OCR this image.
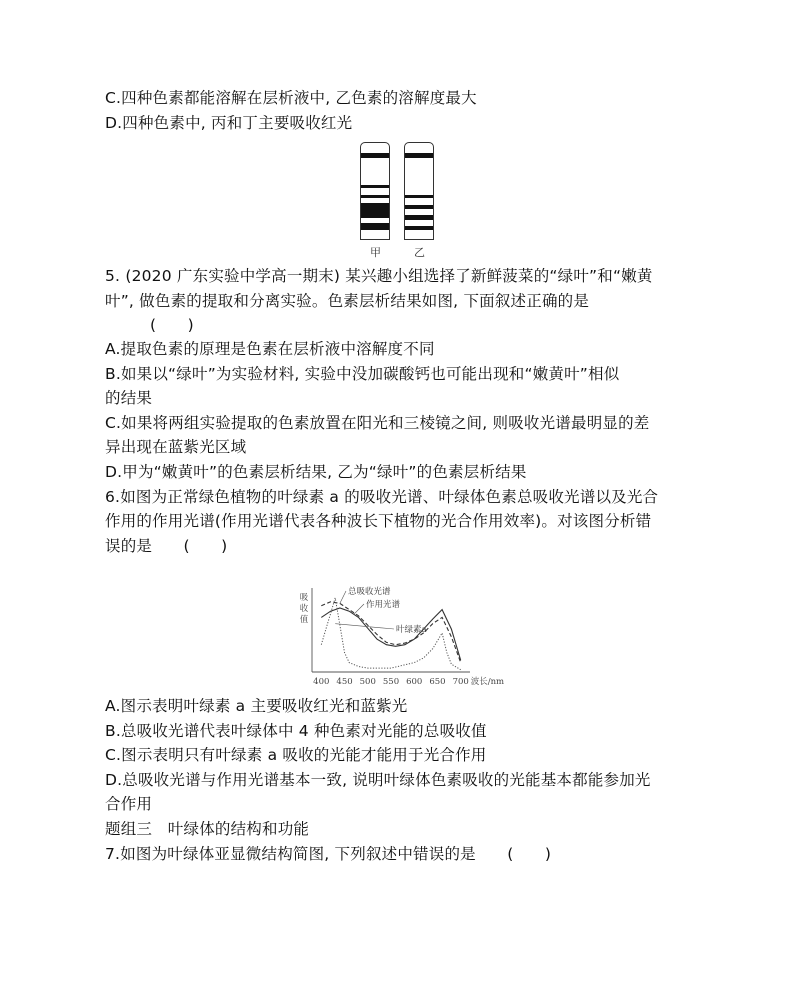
C.四种色素都能溶解在层析液中, 乙色素的溶解度最大
D.四种色素中, 丙和丁主要吸收红光
甲	乙
5. (2020 广东实验中学高一期末) 某兴趣小组选择了新鲜菠菜的“绿叶”和“嫩黄
叶”, 做色素的提取和分离实验。色素层析结果如图, 下面叙述正确的是
(　　)
A.提取色素的原理是色素在层析液中溶解度不同
B.如果以“绿叶”为实验材料, 实验中没加碳酸钙也可能出现和“嫩黄叶”相似
的结果
C.如果将两组实验提取的色素放置在阳光和三棱镜之间, 则吸收光谱最明显的差
异出现在蓝紫光区域
D.甲为“嫩黄叶”的色素层析结果, 乙为“绿叶”的色素层析结果
6.如图为正常绿色植物的叶绿素 a 的吸收光谱、叶绿体色素总吸收光谱以及光合
作用的作用光谱(作用光谱代表各种波长下植物的光合作用效率)。对该图分析错
误的是　　(　　)
吸
收
值
400 450 500 550 600 650 700 波长/nm
总吸收光谱
作用光谱
叶绿素a
A.图示表明叶绿素 a 主要吸收红光和蓝紫光
B.总吸收光谱代表叶绿体中 4 种色素对光能的总吸收值
C.图示表明只有叶绿素 a 吸收的光能才能用于光合作用
D.总吸收光谱与作用光谱基本一致, 说明叶绿体色素吸收的光能基本都能参加光
合作用
题组三　叶绿体的结构和功能
7.如图为叶绿体亚显微结构简图, 下列叙述中错误的是　　(　　)
